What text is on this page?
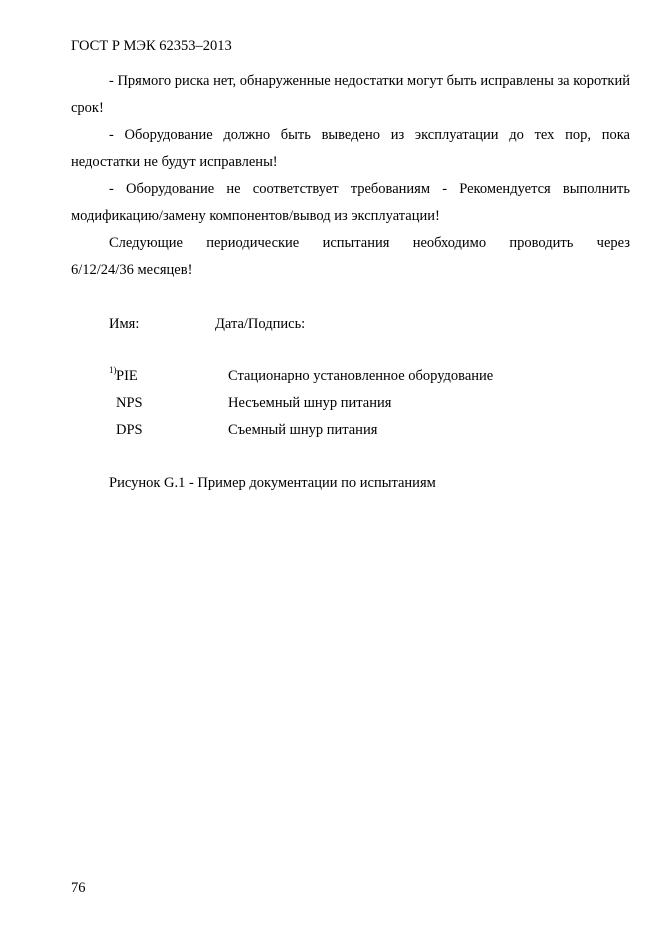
ГОСТ Р МЭК 62353–2013

- Прямого риска нет, обнаруженные недостатки могут быть исправлены за короткий срок!

- Оборудование должно быть выведено из эксплуатации до тех пор, пока недостатки не будут исправлены!

- Оборудование не соответствует требованиям - Рекомендуется выполнить модификацию/замену компонентов/вывод из эксплуатации!

Следующие периодические испытания необходимо проводить через
6/12/24/36 месяцев!
Имя:	Дата/Подпись:
1) PIE	Стационарно установленное оборудование
NPS	Несъемный шнур питания
DPS	Съемный шнур питания
Рисунок G.1 - Пример документации по испытаниям
76
